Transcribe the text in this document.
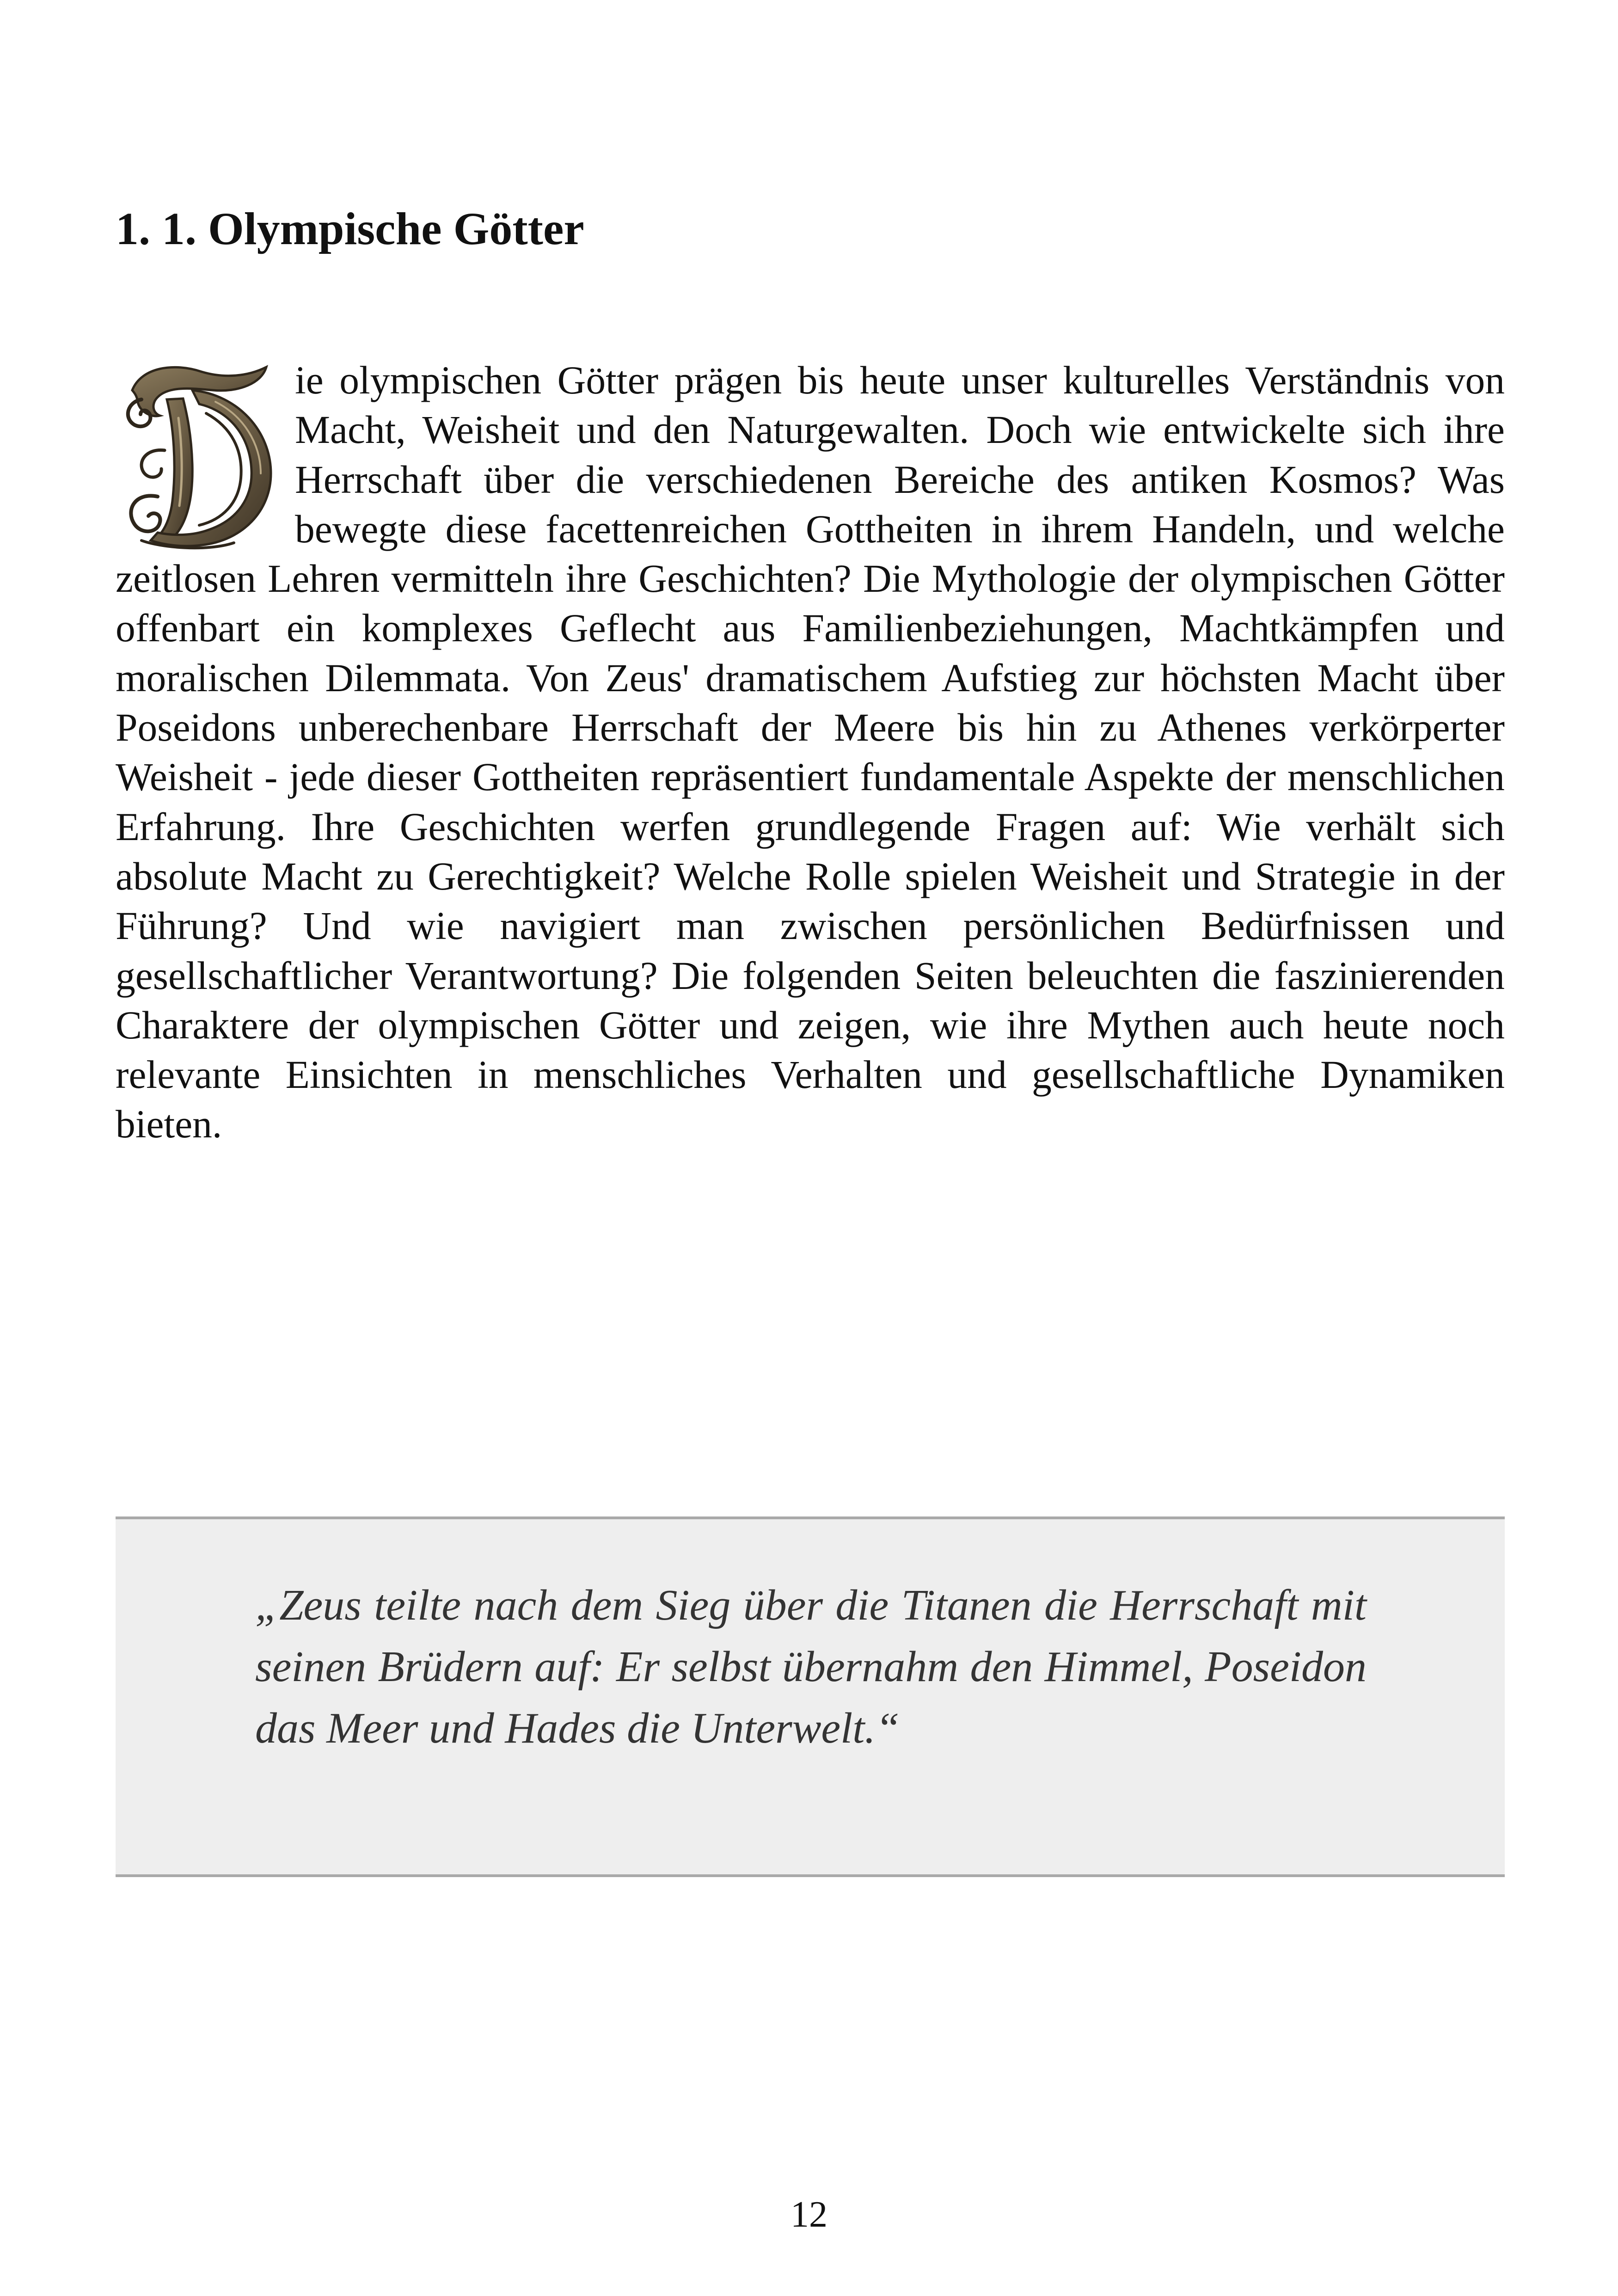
1. 1. Olympische Götter

ie olympischen Götter prägen bis heute unser kulturelles Verständnis von Macht, Weisheit und den Naturgewalten. Doch wie entwickelte sich ihre Herrschaft über die verschiedenen Bereiche des antiken Kosmos? Was bewegte diese facettenreichen Gottheiten in ihrem Handeln, und welche zeitlosen Lehren vermitteln ihre Geschichten? Die Mythologie der olympischen Götter offenbart ein komplexes Geflecht aus Familienbeziehungen, Machtkämpfen und moralischen Dilemmata. Von Zeus' dramatischem Aufstieg zur höchsten Macht über Poseidons unberechenbare Herrschaft der Meere bis hin zu Athenes verkörperter Weisheit - jede dieser Gottheiten repräsentiert fundamentale Aspekte der menschlichen Erfahrung. Ihre Geschichten werfen grundlegende Fragen auf: Wie verhält sich absolute Macht zu Gerechtigkeit? Welche Rolle spielen Weisheit und Strategie in der Führung? Und wie navigiert man zwischen persönlichen Bedürfnissen und gesellschaftlicher Verantwortung? Die folgenden Seiten beleuchten die faszinierenden Charaktere der olympischen Götter und zeigen, wie ihre Mythen auch heute noch relevante Einsichten in menschliches Verhalten und gesellschaftliche Dynamiken bieten.

„Zeus teilte nach dem Sieg über die Titanen die Herrschaft mit seinen Brüdern auf: Er selbst übernahm den Himmel, Poseidon das Meer und Hades die Unterwelt.“

12
